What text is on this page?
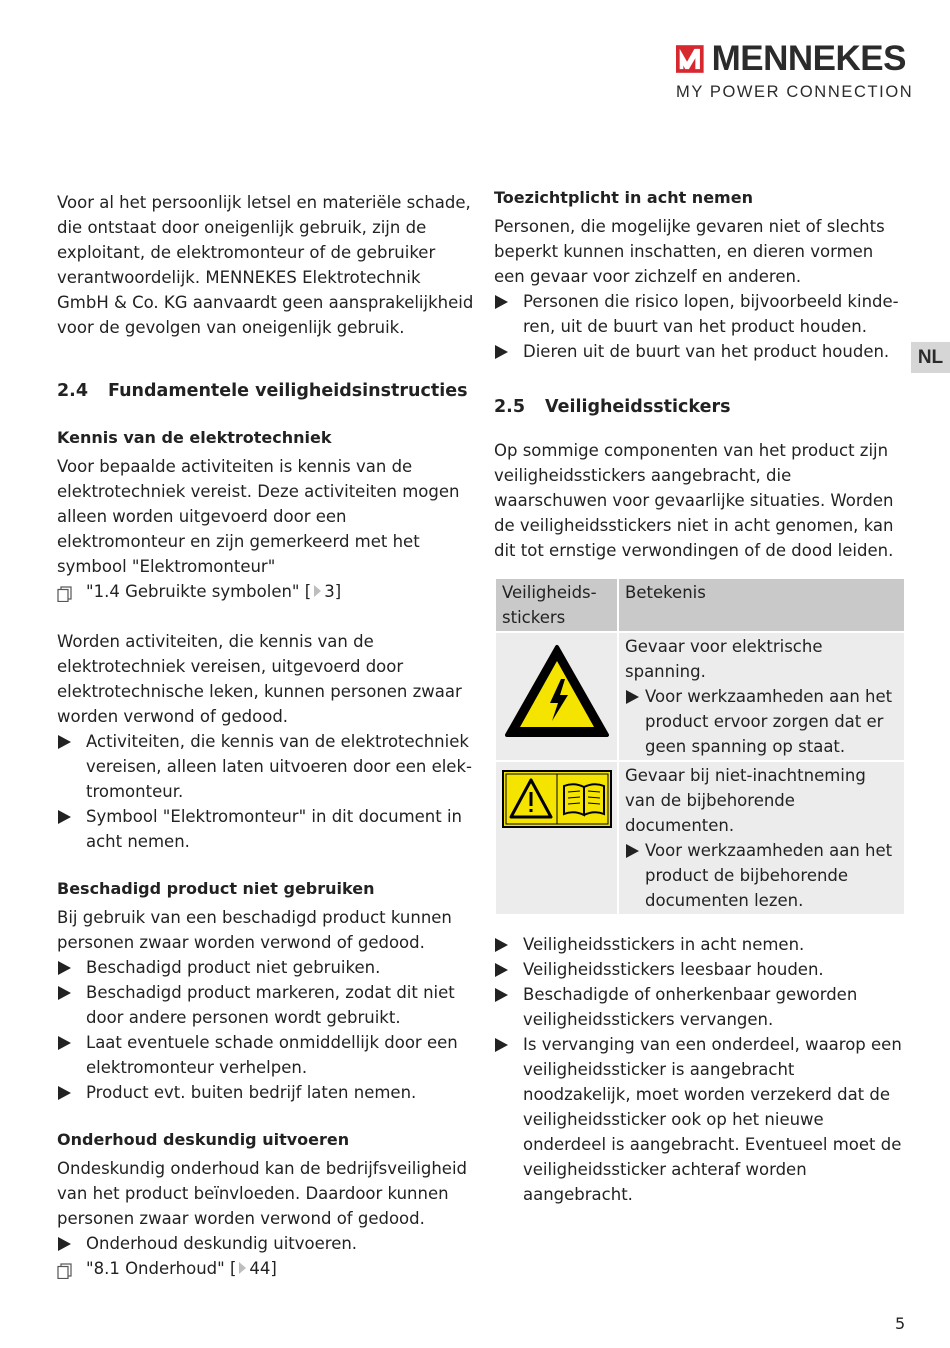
MENNEKES
MY POWER CONNECTION
NL

Voor al het persoonlijk letsel en materiële schade, die ontstaat door oneigenlijk gebruik, zijn de exploitant, de elektromonteur of de gebruiker verantwoordelijk. MENNEKES Elektrotechnik GmbH & Co. KG aanvaardt geen aansprakelijkheid voor de gevolgen van oneigenlijk gebruik.

2.4	Fundamentele veiligheidsinstructies
Kennis van de elektrotechniek

Voor bepaalde activiteiten is kennis van de elektrotechniek vereist. Deze activiteiten mogen alleen worden uitgevoerd door een elektromonteur en zijn gemerkeerd met het symbool "Elektromonteur"

"1.4 Gebruikte symbolen" [ 3]

Worden activiteiten, die kennis van de elektrotechniek vereisen, uitgevoerd door elektrotechnische leken, kunnen personen zwaar worden verwond of gedood.

Activiteiten, die kennis van de elektrotechniek vereisen, alleen laten uitvoeren door een elektromonteur.
Symbool "Elektromonteur" in dit document in acht nemen.
Beschadigd product niet gebruiken

Bij gebruik van een beschadigd product kunnen personen zwaar worden verwond of gedood.

Beschadigd product niet gebruiken.
Beschadigd product markeren, zodat dit niet door andere personen wordt gebruikt.
Laat eventuele schade onmiddellijk door een elektromonteur verhelpen.
Product evt. buiten bedrijf laten nemen.
Onderhoud deskundig uitvoeren

Ondeskundig onderhoud kan de bedrijfsveiligheid van het product beïnvloeden. Daardoor kunnen personen zwaar worden verwond of gedood.

Onderhoud deskundig uitvoeren.
"8.1 Onderhoud" [ 44]
Toezichtplicht in acht nemen

Personen, die mogelijke gevaren niet of slechts beperkt kunnen inschatten, en dieren vormen een gevaar voor zichzelf en anderen.

Personen die risico lopen, bijvoorbeeld kinderen, uit de buurt van het product houden.
Dieren uit de buurt van het product houden.
2.5	Veiligheidsstickers

Op sommige componenten van het product zijn veiligheidsstickers aangebracht, die waarschuwen voor gevaarlijke situaties. Worden de veiligheidsstickers niet in acht genomen, kan dit tot ernstige verwondingen of de dood leiden.

Veiligheidsstickers	Betekenis

Gevaar voor elektrische spanning.
Voor werkzaamheden aan het product ervoor zorgen dat er geen spanning op staat.

Gevaar bij niet-inachtneming van de bijbehorende documenten.
Voor werkzaamheden aan het product de bijbehorende documenten lezen.
Veiligheidsstickers in acht nemen.
Veiligheidsstickers leesbaar houden.
Beschadigde of onherkenbaar geworden veiligheidsstickers vervangen.
Is vervanging van een onderdeel, waarop een veiligheidssticker is aangebracht noodzakelijk, moet worden verzekerd dat de veiligheidssticker ook op het nieuwe onderdeel is aangebracht. Eventueel moet de veiligheidssticker achteraf worden aangebracht.
5
